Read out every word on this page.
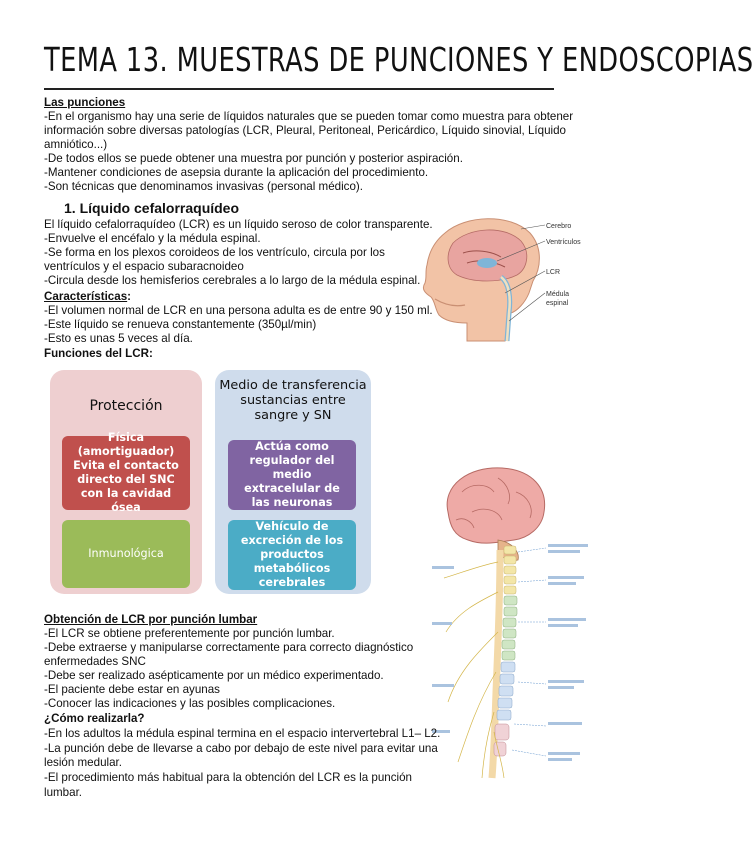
TEMA 13. MUESTRAS DE PUNCIONES Y ENDOSCOPIAS
Las punciones
-En el organismo hay una serie de líquidos naturales que se pueden tomar como muestra para obtener
información sobre diversas patologías (LCR, Pleural, Peritoneal, Pericárdico, Líquido sinovial, Líquido
amniótico...)
-De todos ellos se puede obtener una muestra por punción y posterior aspiración.
-Mantener condiciones de asepsia durante la aplicación del procedimiento.
-Son técnicas que denominamos invasivas (personal médico).
1. Líquido cefalorraquídeo
El líquido cefalorraquídeo (LCR) es un líquido seroso de color transparente.
-Envuelve el encéfalo y la médula espinal.
-Se forma en los plexos coroideos de los ventrículo, circula por los
ventrículos y el espacio subaracnoideo
-Circula desde los hemisferios cerebrales a lo largo de la médula espinal.
Características:
-El volumen normal de LCR en una persona adulta es de entre 90 y 150 ml.
-Este líquido se renueva constantemente (350µl/min)
-Esto es unas 5 veces al día.
Funciones del LCR:
Cerebro
Ventrículos
LCR
Médula
espinal
Protección
Física (amortiguador)
Evita el contacto directo del SNC con la cavidad ósea
Inmunológica
Medio de transferencia sustancias entre sangre y SN
Actúa como regulador del medio extracelular de las neuronas
Vehículo de excreción de los productos metabólicos cerebrales
Obtención de LCR por punción lumbar
-El LCR se obtiene preferentemente por punción lumbar.
-Debe extraerse y manipularse correctamente para correcto diagnóstico
enfermedades SNC
-Debe ser realizado asépticamente por un médico experimentado.
-El paciente debe estar en ayunas
-Conocer las indicaciones y las posibles complicaciones.
¿Cómo realizarla?
-En los adultos la médula espinal termina en el espacio intervertebral L1– L2.
-La punción debe de llevarse a cabo por debajo de este nivel para evitar una
lesión medular.
-El procedimiento más habitual para la obtención del LCR es la punción
lumbar.
